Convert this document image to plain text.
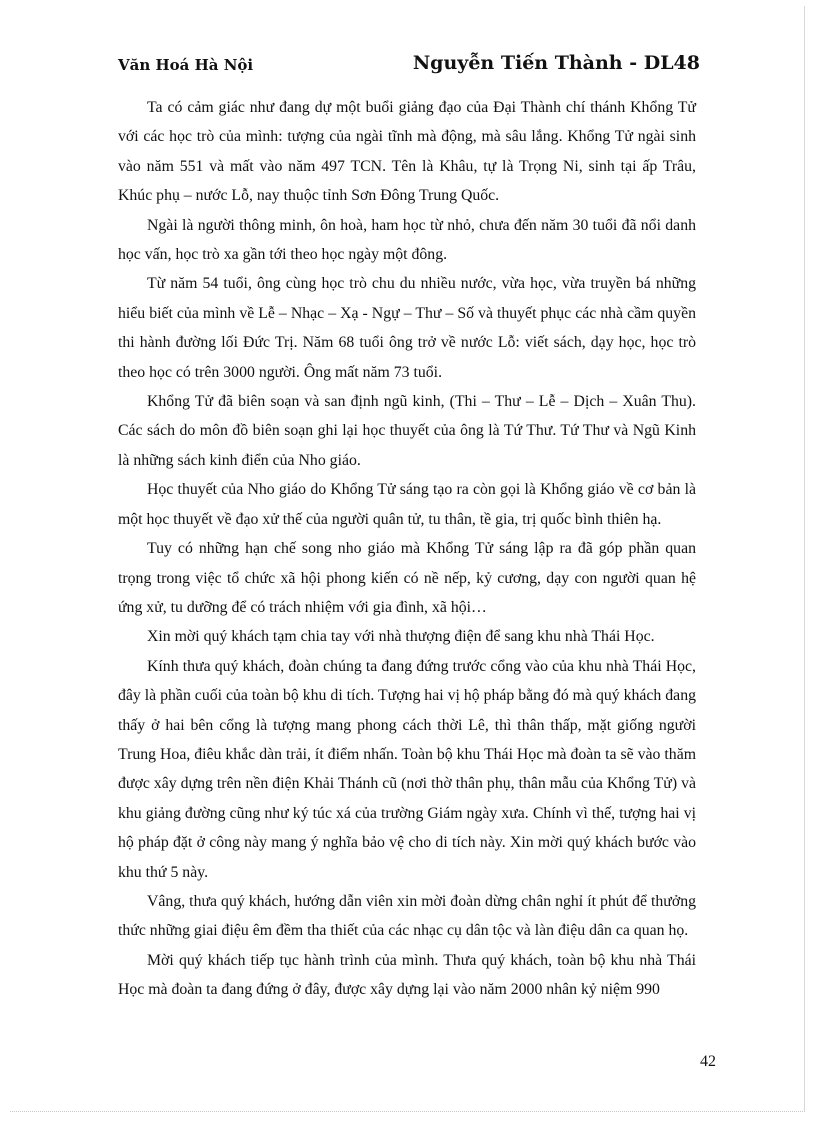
Văn Hoá Hà Nội	Nguyễn Tiến Thành - DL48

Ta có cảm giác như đang dự một buổi giảng đạo của Đại Thành chí thánh Khổng Tử với các học trò của mình: tượng của ngài tĩnh mà động, mà sâu lắng. Khổng Tử ngài sinh vào năm 551 và mất vào năm 497 TCN. Tên là Khâu, tự là Trọng Ni, sinh tại ấp Trâu, Khúc phụ – nước Lỗ, nay thuộc tỉnh Sơn Đông Trung Quốc.

Ngài là người thông minh, ôn hoà, ham học từ nhỏ, chưa đến năm 30 tuổi đã nổi danh học vấn, học trò xa gần tới theo học ngày một đông.

Từ năm 54 tuổi, ông cùng học trò chu du nhiều nước, vừa học, vừa truyền bá những hiểu biết của mình về Lễ – Nhạc – Xạ - Ngự – Thư – Số và thuyết phục các nhà cầm quyền thi hành đường lối Đức Trị. Năm 68 tuổi ông trở về nước Lỗ: viết sách, dạy học, học trò theo học có trên 3000 người. Ông mất năm 73 tuổi.

Khổng Tử đã biên soạn và san định ngũ kinh, (Thi – Thư – Lễ – Dịch – Xuân Thu). Các sách do môn đồ biên soạn ghi lại học thuyết của ông là Tứ Thư. Tứ Thư và Ngũ Kinh là những sách kinh điển của Nho giáo.

Học thuyết của Nho giáo do Khổng Tử sáng tạo ra còn gọi là Khổng giáo về cơ bản là một học thuyết về đạo xử thế của người quân tử, tu thân, tề gia, trị quốc bình thiên hạ.

Tuy có những hạn chế song nho giáo mà Khổng Tử sáng lập ra đã góp phần quan trọng trong việc tổ chức xã hội phong kiến có nề nếp, kỷ cương, dạy con người quan hệ ứng xử, tu dưỡng để có trách nhiệm với gia đình, xã hội…

Xin mời quý khách tạm chia tay với nhà thượng điện để sang khu nhà Thái Học.

Kính thưa quý khách, đoàn chúng ta đang đứng trước cổng vào của khu nhà Thái Học, đây là phần cuối của toàn bộ khu di tích. Tượng hai vị hộ pháp bằng đó mà quý khách đang thấy ở hai bên cổng là tượng mang phong cách thời Lê, thì thân thấp, mặt giống người Trung Hoa, điêu khắc dàn trải, ít điểm nhấn. Toàn bộ khu Thái Học mà đoàn ta sẽ vào thăm được xây dựng trên nền điện Khải Thánh cũ (nơi thờ thân phụ, thân mẫu của Khổng Tử) và khu giảng đường cũng như ký túc xá của trường Giám ngày xưa. Chính vì thế, tượng hai vị hộ pháp đặt ở công này mang ý nghĩa bảo vệ cho di tích này. Xin mời quý khách bước vào khu thứ 5 này.

Vâng, thưa quý khách, hướng dẫn viên xin mời đoàn dừng chân nghỉ ít phút để thưởng thức những giai điệu êm đềm tha thiết của các nhạc cụ dân tộc và làn điệu dân ca quan họ.

Mời quý khách tiếp tục hành trình của mình. Thưa quý khách, toàn bộ khu nhà Thái Học mà đoàn ta đang đứng ở đây, được xây dựng lại vào năm 2000 nhân kỷ niệm 990

42
